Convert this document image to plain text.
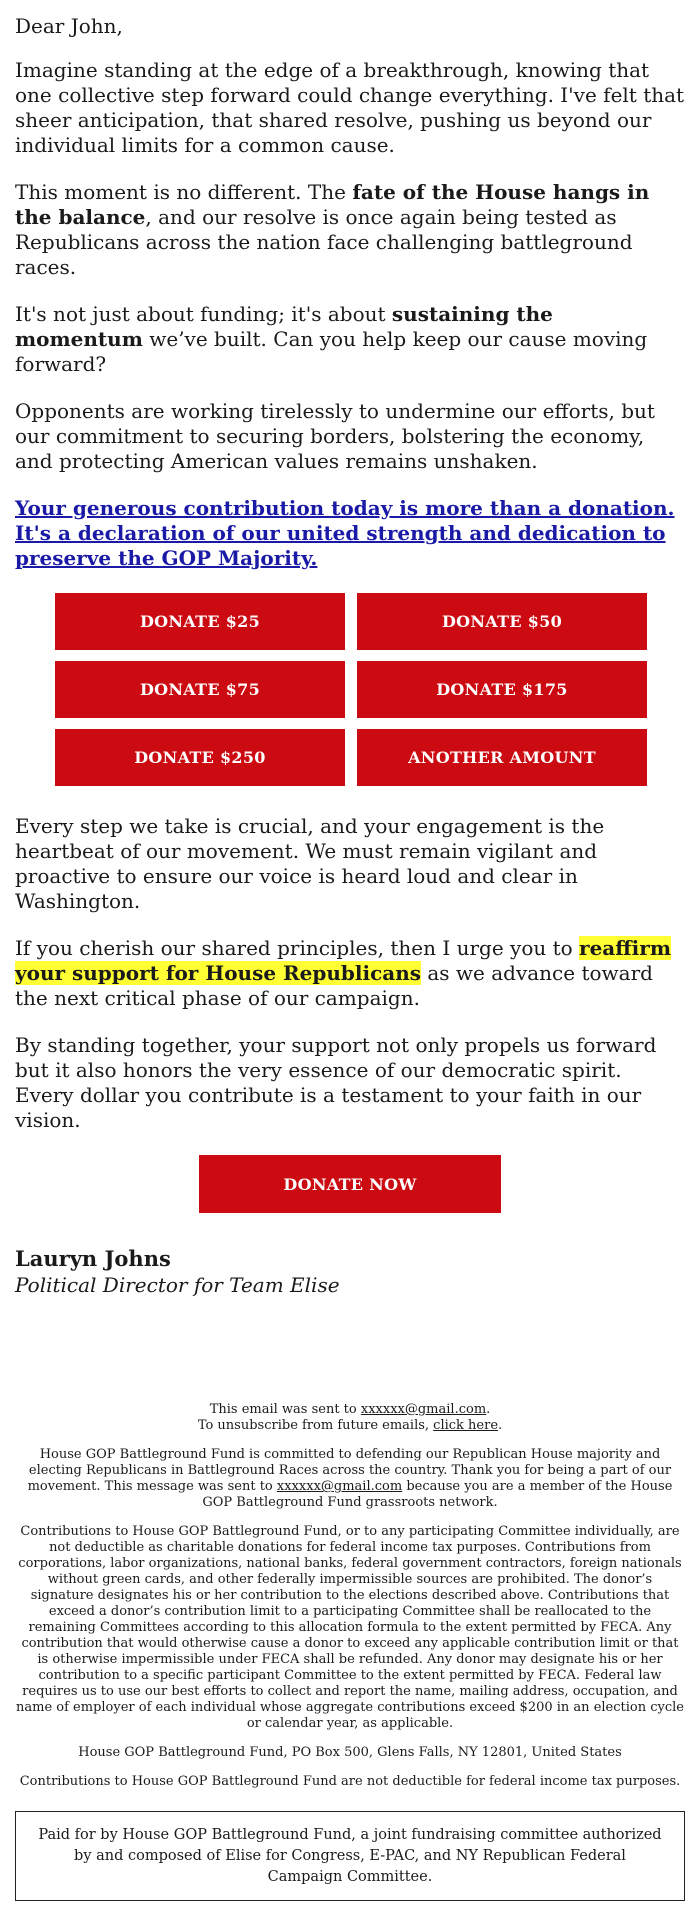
Dear John,

Imagine standing at the edge of a breakthrough, knowing that one collective step forward could change everything. I've felt that sheer anticipation, that shared resolve, pushing us beyond our individual limits for a common cause.

This moment is no different. The fate of the House hangs in the balance, and our resolve is once again being tested as Republicans across the nation face challenging battleground races.

It's not just about funding; it's about sustaining the momentum we’ve built. Can you help keep our cause moving forward?

Opponents are working tirelessly to undermine our efforts, but our commitment to securing borders, bolstering the economy, and protecting American values remains unshaken.

Your generous contribution today is more than a donation. It's a declaration of our united strength and dedication to preserve the GOP Majority.

DONATE $25	DONATE $50
DONATE $75	DONATE $175
DONATE $250	ANOTHER AMOUNT

Every step we take is crucial, and your engagement is the heartbeat of our movement. We must remain vigilant and proactive to ensure our voice is heard loud and clear in Washington.

If you cherish our shared principles, then I urge you to reaffirm your support for House Republicans as we advance toward the next critical phase of our campaign.

By standing together, your support not only propels us forward but it also honors the very essence of our democratic spirit. Every dollar you contribute is a testament to your faith in our vision.

DONATE NOW
Lauryn Johns
Political Director for Team Elise

This email was sent to xxxxxx@gmail.com.
To unsubscribe from future emails, click here.

House GOP Battleground Fund is committed to defending our Republican House majority and electing Republicans in Battleground Races across the country. Thank you for being a part of our movement. This message was sent to xxxxxx@gmail.com because you are a member of the House GOP Battleground Fund grassroots network.

Contributions to House GOP Battleground Fund, or to any participating Committee individually, are not deductible as charitable donations for federal income tax purposes. Contributions from corporations, labor organizations, national banks, federal government contractors, foreign nationals without green cards, and other federally impermissible sources are prohibited. The donor’s signature designates his or her contribution to the elections described above. Contributions that exceed a donor’s contribution limit to a participating Committee shall be reallocated to the remaining Committees according to this allocation formula to the extent permitted by FECA. Any contribution that would otherwise cause a donor to exceed any applicable contribution limit or that is otherwise impermissible under FECA shall be refunded. Any donor may designate his or her contribution to a specific participant Committee to the extent permitted by FECA. Federal law requires us to use our best efforts to collect and report the name, mailing address, occupation, and name of employer of each individual whose aggregate contributions exceed $200 in an election cycle or calendar year, as applicable.

House GOP Battleground Fund, PO Box 500, Glens Falls, NY 12801, United States

Contributions to House GOP Battleground Fund are not deductible for federal income tax purposes.

Paid for by House GOP Battleground Fund, a joint fundraising committee authorized by and composed of Elise for Congress, E-PAC, and NY Republican Federal Campaign Committee.
